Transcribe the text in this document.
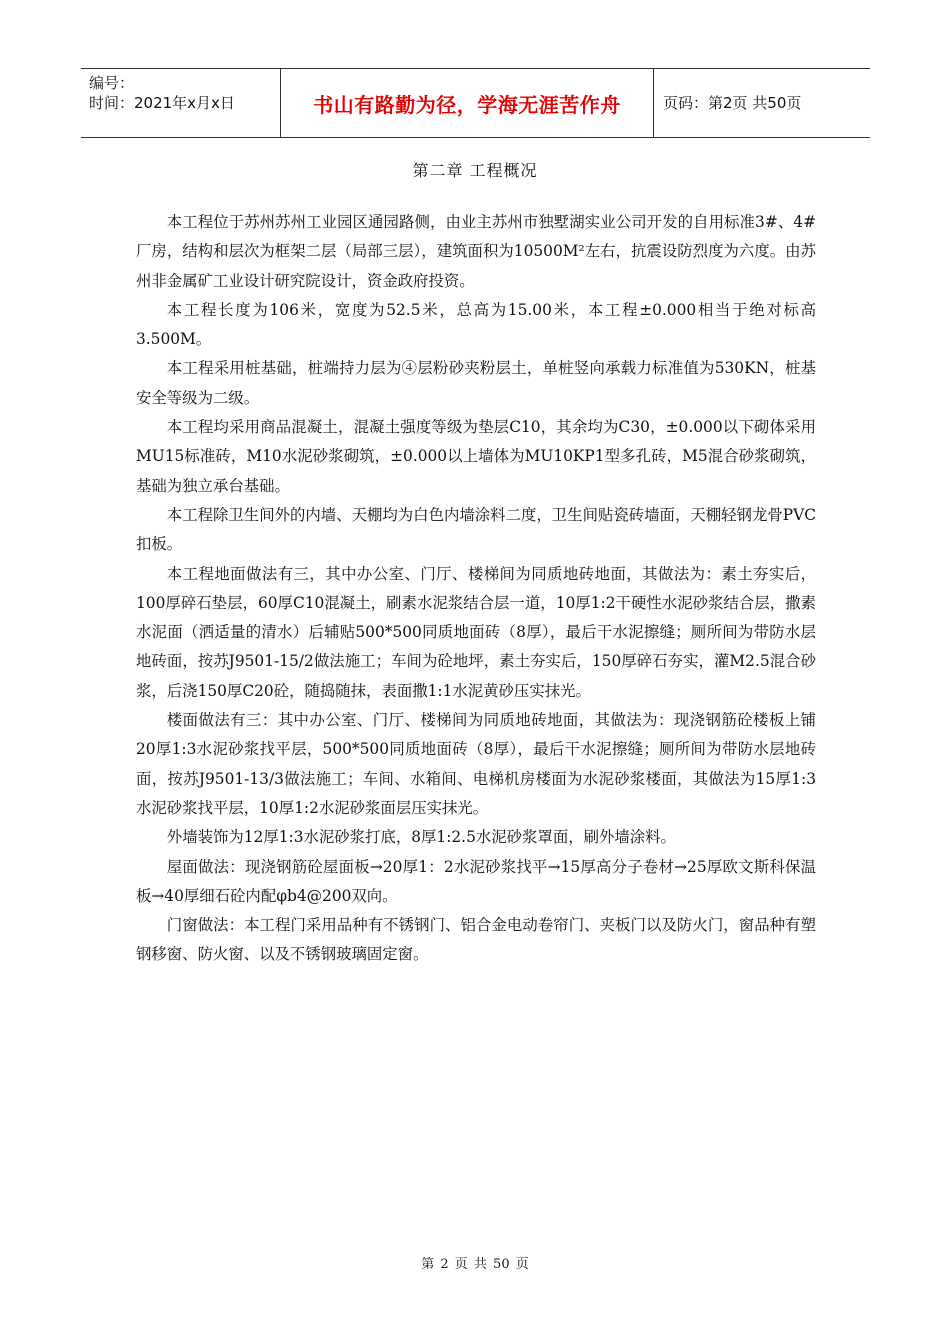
编号：
时间：2021年x月x日	书山有路勤为径，学海无涯苦作舟	页码：第2页 共50页
第二章 工程概况

本工程位于苏州苏州工业园区通园路侧，由业主苏州市独墅湖实业公司开发的自用标准3#、4#厂房，结构和层次为框架二层（局部三层），建筑面积为10500M²左右，抗震设防烈度为六度。由苏州非金属矿工业设计研究院设计，资金政府投资。

本工程长度为106米，宽度为52.5米，总高为15.00米，本工程±0.000相当于绝对标高3.500M。

本工程采用桩基础，桩端持力层为④层粉砂夹粉层土，单桩竖向承载力标准值为530KN，桩基安全等级为二级。

本工程均采用商品混凝土，混凝土强度等级为垫层C10，其余均为C30，±0.000以下砌体采用MU15标准砖，M10水泥砂浆砌筑，±0.000以上墙体为MU10KP1型多孔砖，M5混合砂浆砌筑，基础为独立承台基础。

本工程除卫生间外的内墙、天棚均为白色内墙涂料二度，卫生间贴瓷砖墙面，天棚轻钢龙骨PVC扣板。

本工程地面做法有三，其中办公室、门厅、楼梯间为同质地砖地面，其做法为：素土夯实后，100厚碎石垫层，60厚C10混凝土，刷素水泥浆结合层一道，10厚1:2干硬性水泥砂浆结合层，撒素水泥面（洒适量的清水）后辅贴500*500同质地面砖（8厚），最后干水泥擦缝；厕所间为带防水层地砖面，按苏J9501-15/2做法施工；车间为砼地坪，素土夯实后，150厚碎石夯实，灌M2.5混合砂浆，后浇150厚C20砼，随捣随抹，表面撒1:1水泥黄砂压实抹光。

楼面做法有三：其中办公室、门厅、楼梯间为同质地砖地面，其做法为：现浇钢筋砼楼板上铺20厚1:3水泥砂浆找平层，500*500同质地面砖（8厚），最后干水泥擦缝；厕所间为带防水层地砖面，按苏J9501-13/3做法施工；车间、水箱间、电梯机房楼面为水泥砂浆楼面，其做法为15厚1:3水泥砂浆找平层，10厚1:2水泥砂浆面层压实抹光。

外墙装饰为12厚1:3水泥砂浆打底，8厚1:2.5水泥砂浆罩面，刷外墙涂料。

屋面做法：现浇钢筋砼屋面板→20厚1：2水泥砂浆找平→15厚高分子卷材→25厚欧文斯科保温板→40厚细石砼内配φb4@200双向。

门窗做法：本工程门采用品种有不锈钢门、铝合金电动卷帘门、夹板门以及防火门，窗品种有塑钢移窗、防火窗、以及不锈钢玻璃固定窗。

第 2 页 共 50 页
